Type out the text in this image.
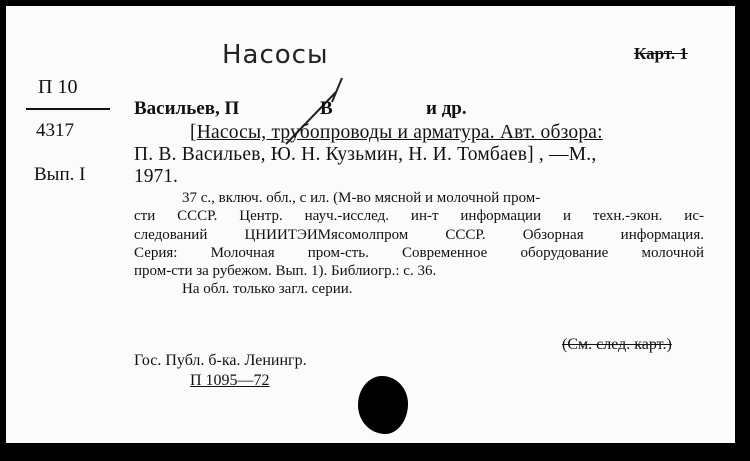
Насосы	Карт. 1
П 10
4317
Вып. I
Васильев, П	В	и др.
[Насосы, трубопроводы и арматура. Авт. обзора:
П. В. Васильев, Ю. Н. Кузьмин, Н. И. Томбаев] , —М.,
1971.
37 с., включ. обл., с ил. (М-во мясной и молочной пром-
сти СССР. Центр. науч.-исслед. ин-т информации и техн.-экон. ис-
следований ЦНИИТЭИМясомолпром СССР. Обзорная информация.
Серия: Молочная пром-сть. Современное оборудование молочной
пром-сти за рубежом. Вып. 1). Библиогр.: с. 36.
На обл. только загл. серии.
(См. след. карт.)
Гос. Публ. б-ка. Ленингр.
П 1095—72
